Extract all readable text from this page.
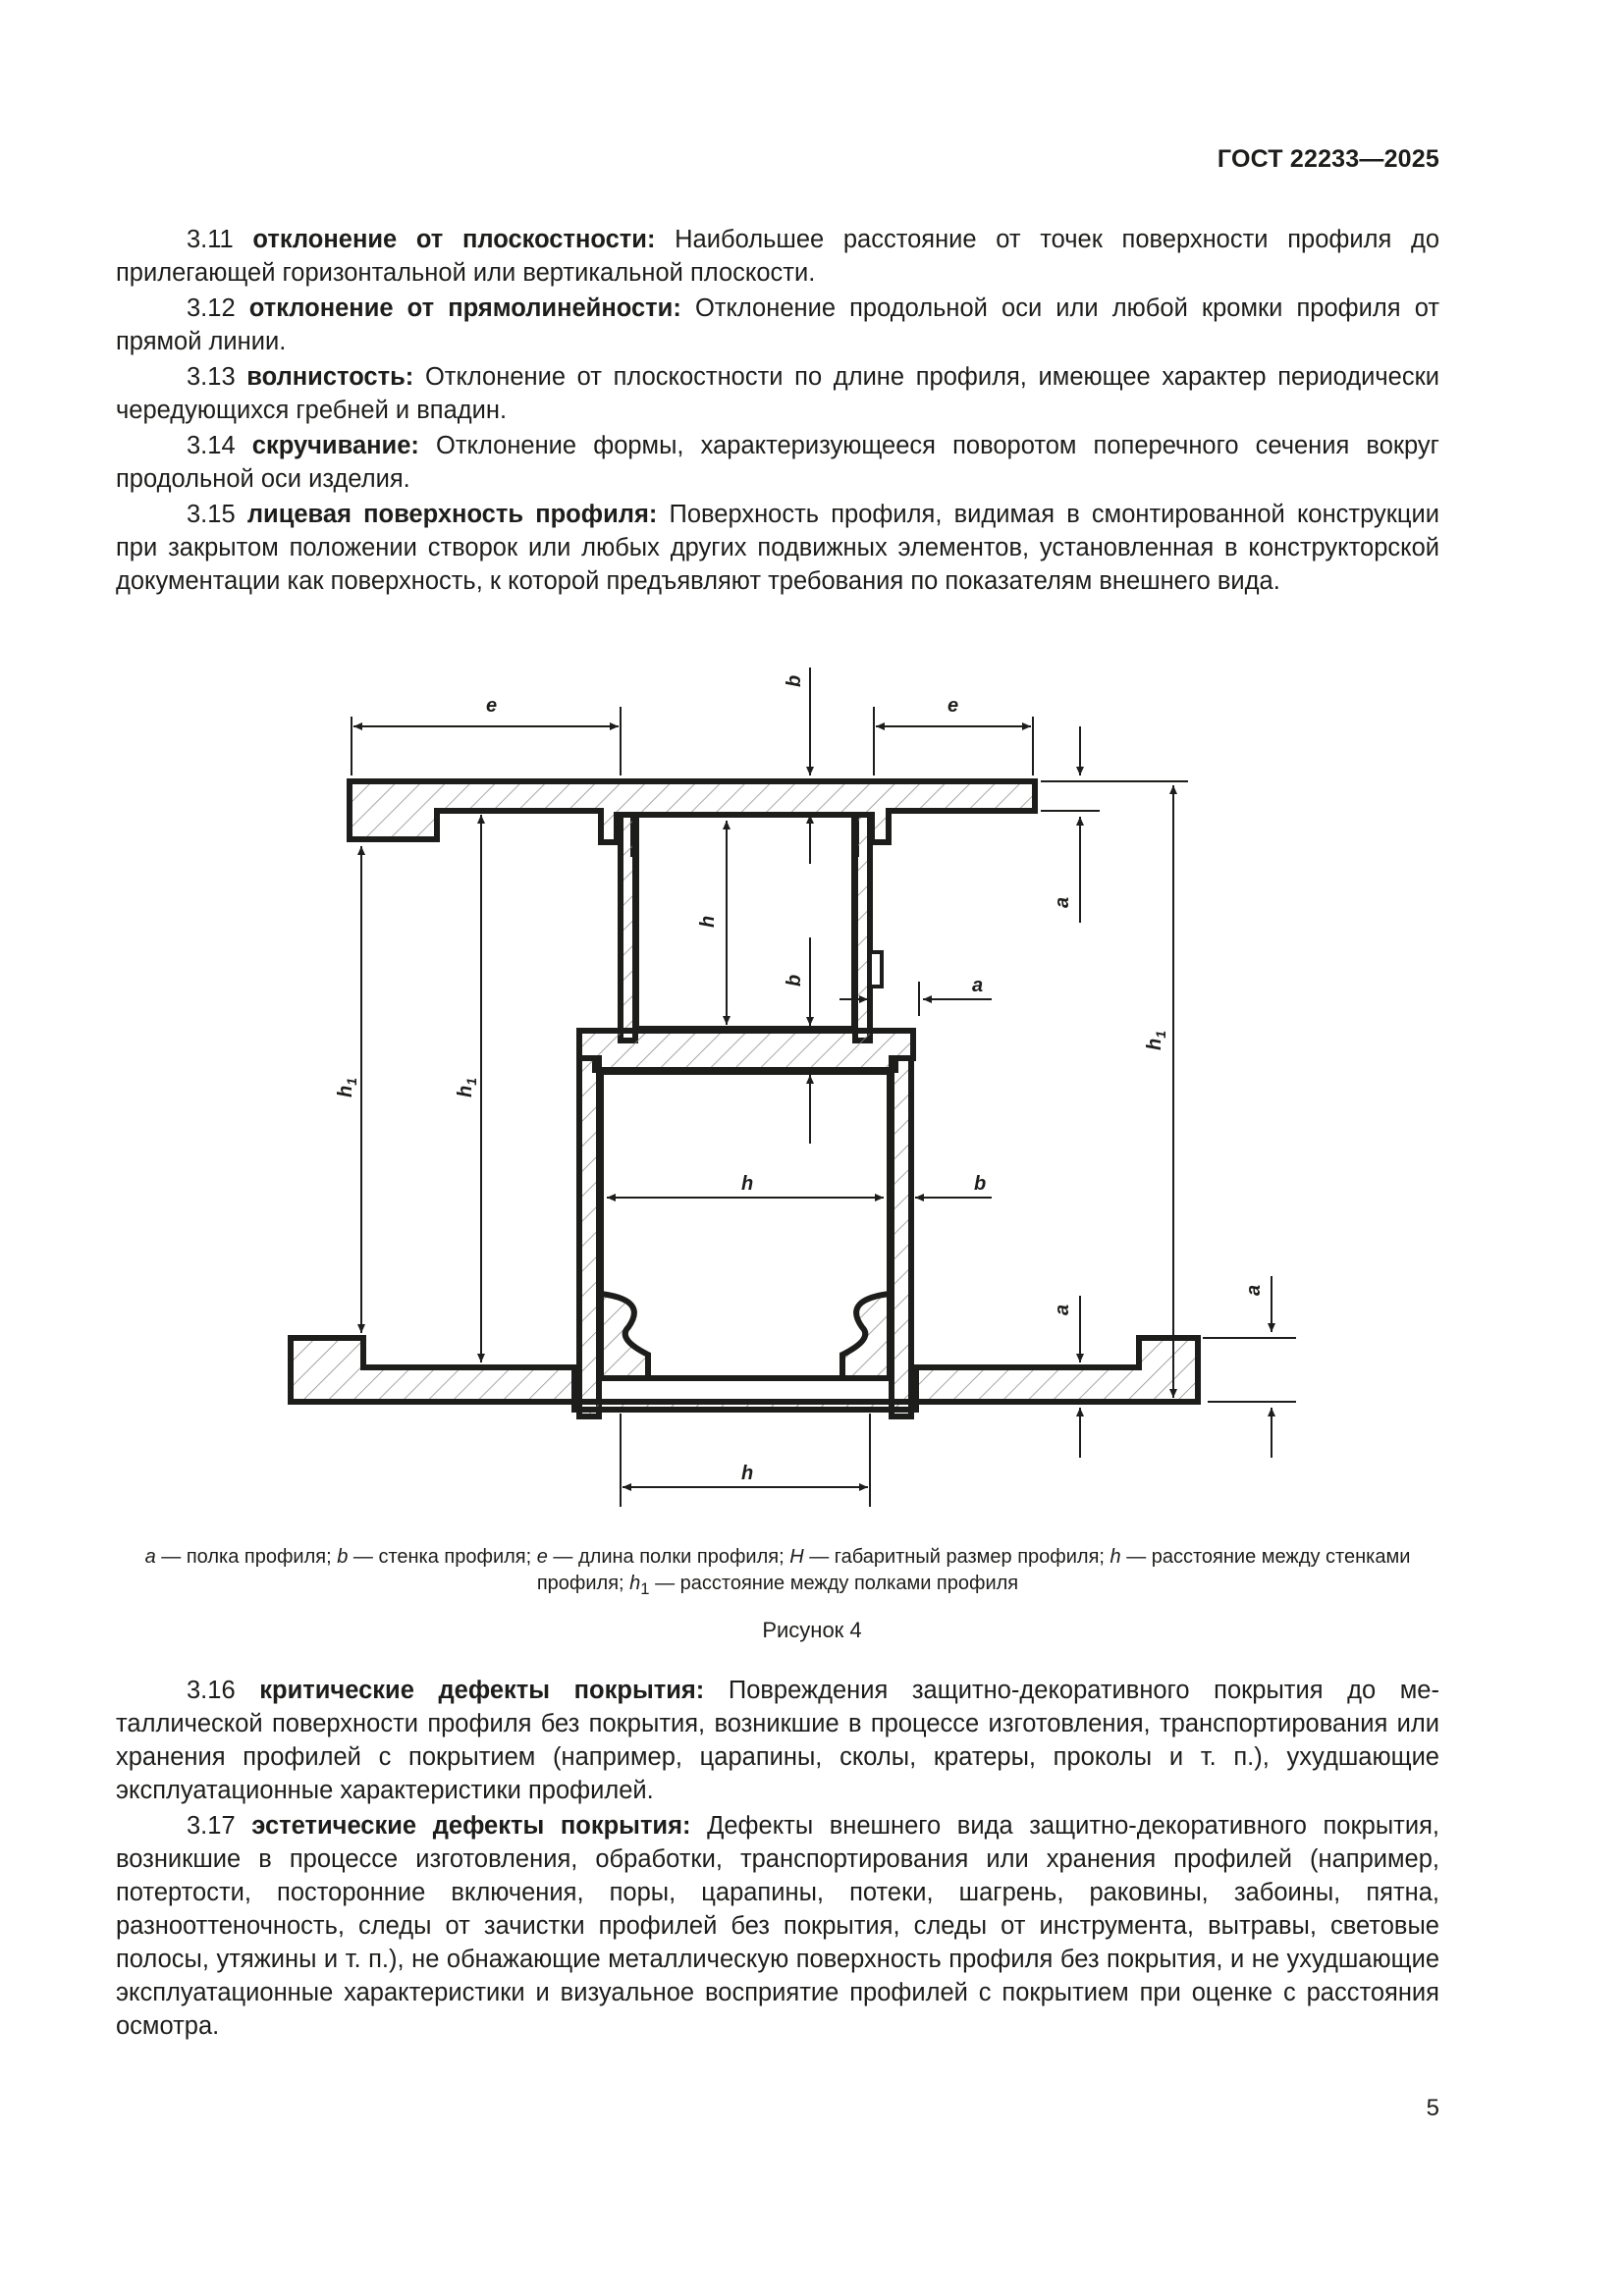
ГОСТ 22233—2025

3.11 отклонение от плоскостности: Наибольшее расстояние от точек поверхности профиля до прилегающей горизонтальной или вертикальной плоскости.

3.12 отклонение от прямолинейности: Отклонение продольной оси или любой кромки профиля от прямой линии.

3.13 волнистость: Отклонение от плоскостности по длине профиля, имеющее характер периодически чередующихся гребней и впадин.

3.14 скручивание: Отклонение формы, характеризующееся поворотом поперечного сечения вокруг продольной оси изделия.

3.15 лицевая поверхность профиля: Поверхность профиля, видимая в смонтированной конструкции при закрытом положении створок или любых других подвижных элементов, установленная в конструкторской документации как поверхность, к которой предъявляют требования по показателям внешнего вида.

e	e
b
h
b	a
h	b
$h_1$
$h_1$
$h_1$
a
a
a
h
a — полка профиля; b — стенка профиля; e — длина полки профиля; H — габаритный размер профиля; h — расстояние между стенками профиля; $h_1$ — расстояние между полками профиля
Рисунок 4

3.16 критические дефекты покрытия: Повреждения защитно-декоративного покрытия до металлической поверхности профиля без покрытия, возникшие в процессе изготовления, транспортирования или хранения профилей с покрытием (например, царапины, сколы, кратеры, проколы и т. п.), ухудшающие эксплуатационные характеристики профилей.

3.17 эстетические дефекты покрытия: Дефекты внешнего вида защитно-декоративного покрытия, возникшие в процессе изготовления, обработки, транспортирования или хранения профилей (например, потертости, посторонние включения, поры, царапины, потеки, шагрень, раковины, забоины, пятна, разнооттеночность, следы от зачистки профилей без покрытия, следы от инструмента, вытравы, световые полосы, утяжины и т. п.), не обнажающие металлическую поверхность профиля без покрытия, и не ухудшающие эксплуатационные характеристики и визуальное восприятие профилей с покрытием при оценке с расстояния осмотра.

5
